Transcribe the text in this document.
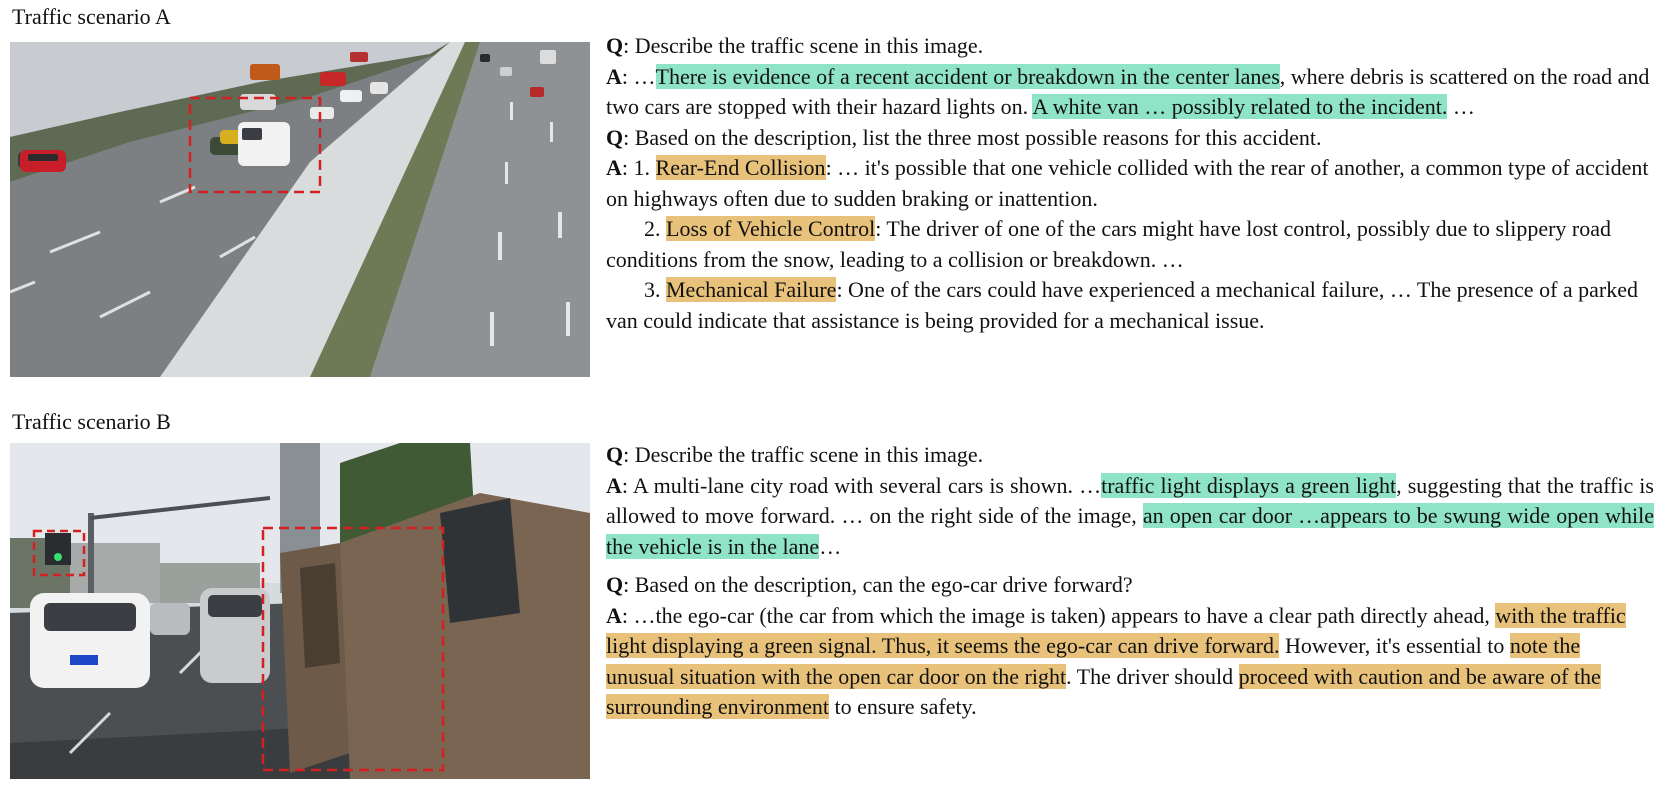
Traffic scenario A

Q: Describe the traffic scene in this image.

A: …There is evidence of a recent accident or breakdown in the center lanes, where debris is scattered on the road and two cars are stopped with their hazard lights on. A white van … possibly related to the incident. …

Q: Based on the description, list the three most possible reasons for this accident.

A: 1. Rear-End Collision: … it's possible that one vehicle collided with the rear of another, a common type of accident on highways often due to sudden braking or inattention.

2. Loss of Vehicle Control: The driver of one of the cars might have lost control, possibly due to slippery road conditions from the snow, leading to a collision or breakdown. …

3. Mechanical Failure: One of the cars could have experienced a mechanical failure, … The presence of a parked van could indicate that assistance is being provided for a mechanical issue.

Traffic scenario B

Q: Describe the traffic scene in this image.

A: A multi-lane city road with several cars is shown. …traffic light displays a green light, suggesting that the traffic is allowed to move forward. … on the right side of the image, an open car door …appears to be swung wide open while the vehicle is in the lane…

Q: Based on the description, can the ego-car drive forward?

A: …the ego-car (the car from which the image is taken) appears to have a clear path directly ahead, with the traffic light displaying a green signal. Thus, it seems the ego-car can drive forward. However, it's essential to note the unusual situation with the open car door on the right. The driver should proceed with caution and be aware of the surrounding environment to ensure safety.
